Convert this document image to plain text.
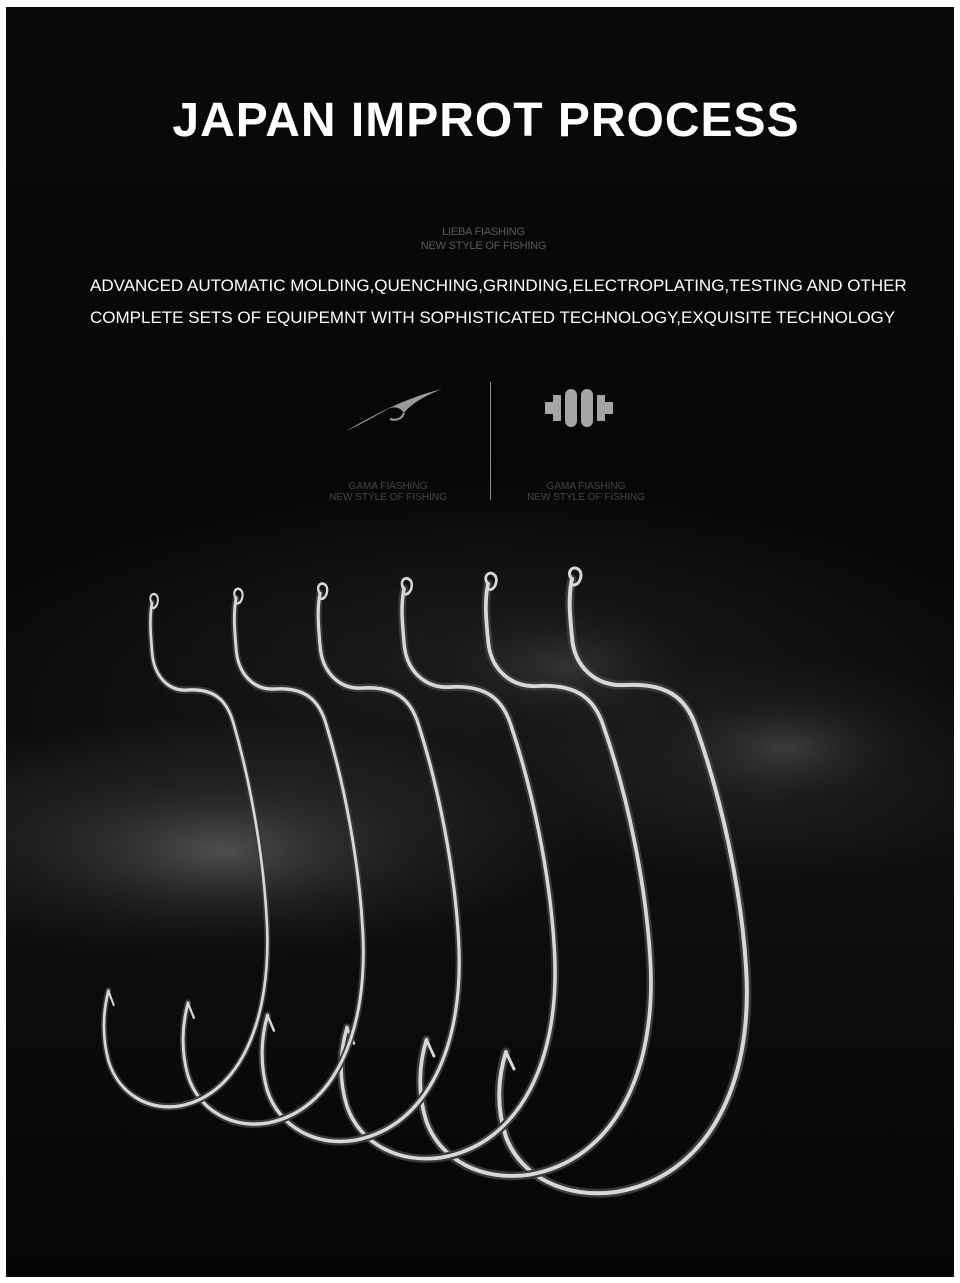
JAPAN IMPROT PROCESS
LIEBA FIASHING
NEW STYLE OF FISHING

ADVANCED AUTOMATIC MOLDING,QUENCHING,GRINDING,ELECTROPLATING,TESTING AND OTHER COMPLETE SETS OF EQUIPEMNT WITH SOPHISTICATED TECHNOLOGY,EXQUISITE TECHNOLOGY

GAMA FIASHING
NEW STYLE OF FISHING
GAMA FIASHING
NEW STYLE OF FISHING
